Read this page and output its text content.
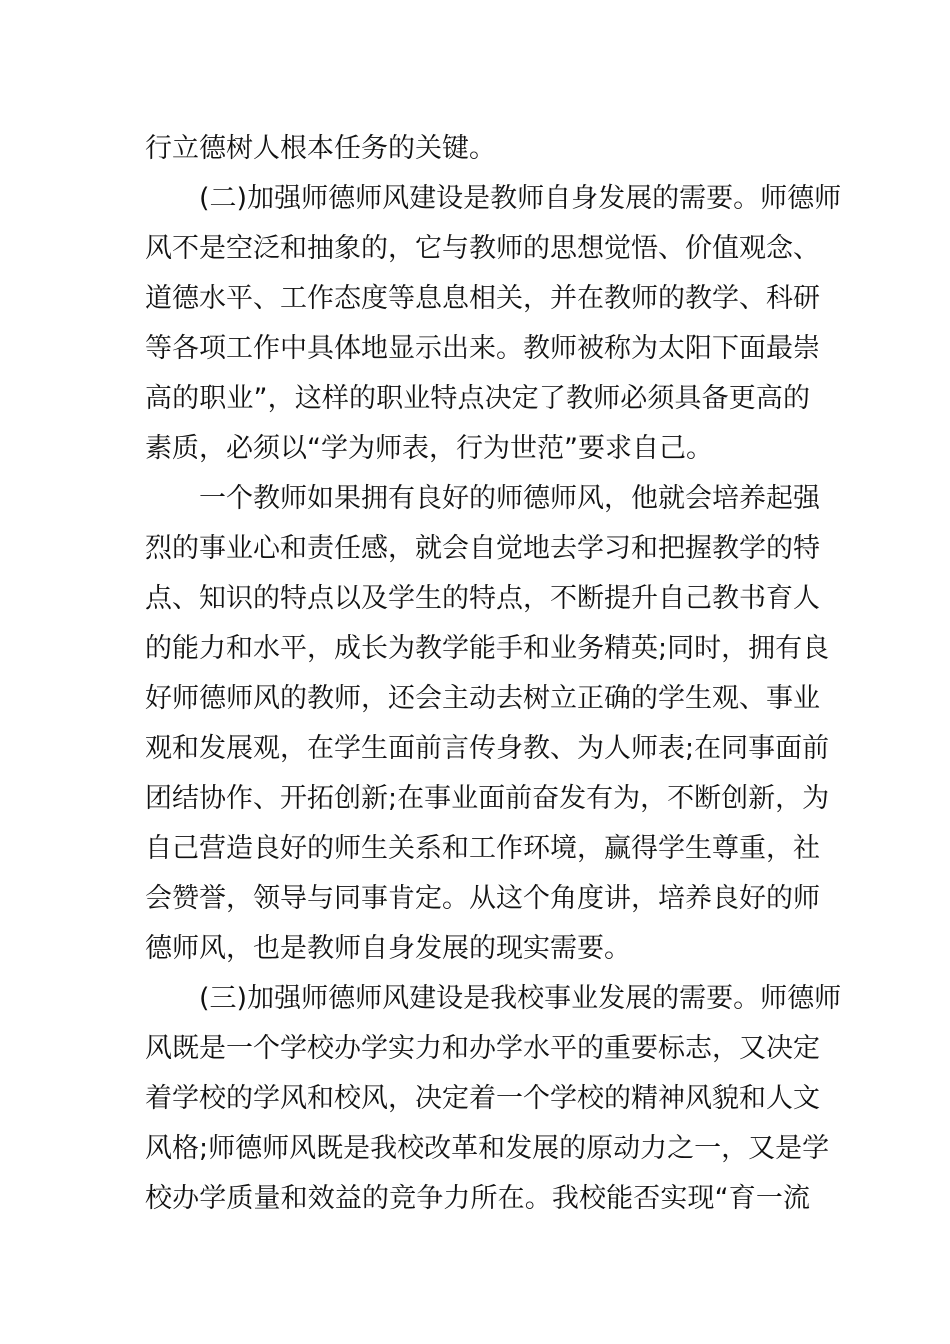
行立德树人根本任务的关键。
(二)加强师德师风建设是教师自身发展的需要。师德师
风不是空泛和抽象的，它与教师的思想觉悟、价值观念、
道德水平、工作态度等息息相关，并在教师的教学、科研
等各项工作中具体地显示出来。教师被称为太阳下面最崇
高的职业”，这样的职业特点决定了教师必须具备更高的
素质，必须以“学为师表，行为世范”要求自己。
一个教师如果拥有良好的师德师风，他就会培养起强
烈的事业心和责任感，就会自觉地去学习和把握教学的特
点、知识的特点以及学生的特点，不断提升自己教书育人
的能力和水平，成长为教学能手和业务精英;同时，拥有良
好师德师风的教师，还会主动去树立正确的学生观、事业
观和发展观，在学生面前言传身教、为人师表;在同事面前
团结协作、开拓创新;在事业面前奋发有为，不断创新，为
自己营造良好的师生关系和工作环境，赢得学生尊重，社
会赞誉，领导与同事肯定。从这个角度讲，培养良好的师
德师风，也是教师自身发展的现实需要。
(三)加强师德师风建设是我校事业发展的需要。师德师
风既是一个学校办学实力和办学水平的重要标志，又决定
着学校的学风和校风，决定着一个学校的精神风貌和人文
风格;师德师风既是我校改革和发展的原动力之一，又是学
校办学质量和效益的竞争力所在。我校能否实现“育一流
